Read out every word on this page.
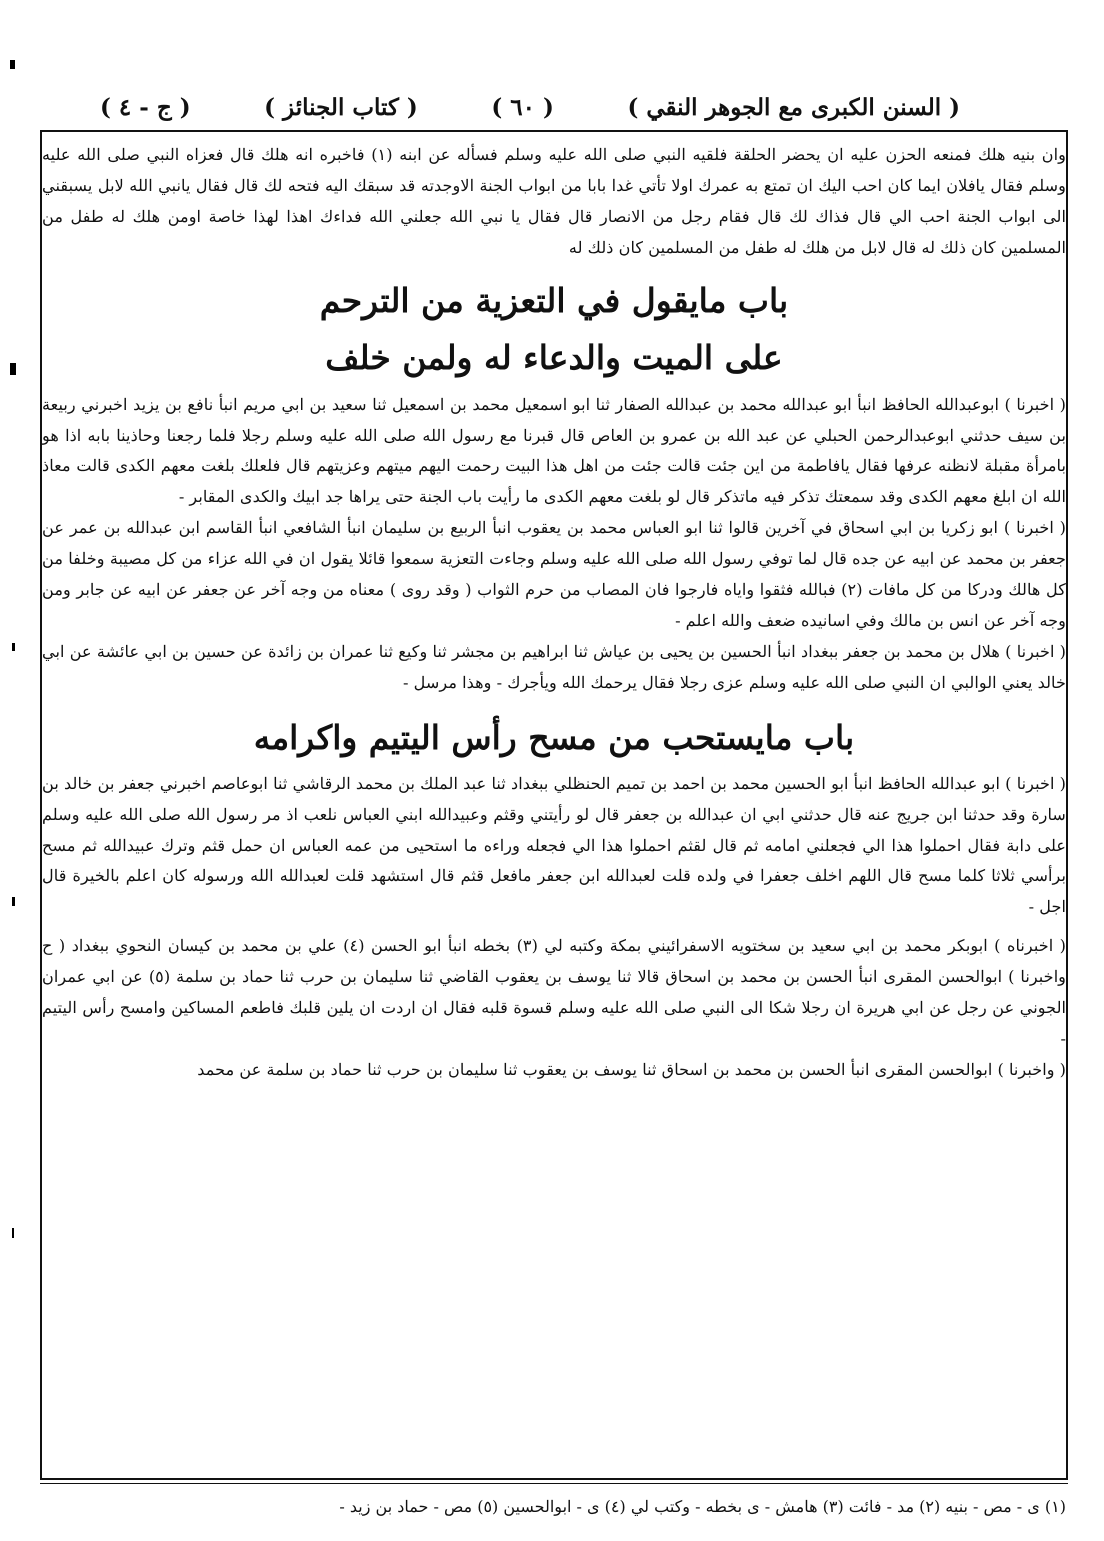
( السنن الكبرى مع الجوهر النقي )
( ٦٠ )
( كتاب الجنائز )
( ج - ٤ )

وان بنيه هلك فمنعه الحزن عليه ان يحضر الحلقة فلقيه النبي صلى الله عليه وسلم فسأله عن ابنه (١) فاخبره انه هلك قال فعزاه النبي صلى الله عليه وسلم فقال يافلان ايما كان احب اليك ان تمتع به عمرك اولا تأتي غدا بابا من ابواب الجنة الاوجدته قد سبقك اليه فتحه لك قال فقال يانبي الله لابل يسبقني الى ابواب الجنة احب الي قال فذاك لك قال فقام رجل من الانصار قال فقال يا نبي الله جعلني الله فداءك اهذا لهذا خاصة اومن هلك له طفل من المسلمين كان ذلك له قال لابل من هلك له طفل من المسلمين كان ذلك له

باب مايقول في التعزية من الترحم
على الميت والدعاء له ولمن خلف

( اخبرنا ) ابوعبدالله الحافظ انبأ ابو عبدالله محمد بن عبدالله الصفار ثنا ابو اسمعيل محمد بن اسمعيل ثنا سعيد بن ابي مريم انبأ نافع بن يزيد اخبرني ربيعة بن سيف حدثني ابوعبدالرحمن الحبلي عن عبد الله بن عمرو بن العاص قال قبرنا مع رسول الله صلى الله عليه وسلم رجلا فلما رجعنا وحاذينا بابه اذا هو بامرأة مقبلة لانظنه عرفها فقال يافاطمة من اين جئت قالت جئت من اهل هذا البيت رحمت اليهم ميتهم وعزيتهم قال فلعلك بلغت معهم الكدى قالت معاذ الله ان ابلغ معهم الكدى وقد سمعتك تذكر فيه ماتذكر قال لو بلغت معهم الكدى ما رأيت باب الجنة حتى يراها جد ابيك والكدى المقابر -

( اخبرنا ) ابو زكريا بن ابي اسحاق في آخرين قالوا ثنا ابو العباس محمد بن يعقوب انبأ الربيع بن سليمان انبأ الشافعي انبأ القاسم ابن عبدالله بن عمر عن جعفر بن محمد عن ابيه عن جده قال لما توفي رسول الله صلى الله عليه وسلم وجاءت التعزية سمعوا قائلا يقول ان في الله عزاء من كل مصيبة وخلفا من كل هالك ودركا من كل مافات (٢) فبالله فثقوا واياه فارجوا فان المصاب من حرم الثواب ( وقد روى ) معناه من وجه آخر عن جعفر عن ابيه عن جابر ومن وجه آخر عن انس بن مالك وفي اسانيده ضعف والله اعلم -

( اخبرنا ) هلال بن محمد بن جعفر ببغداد انبأ الحسين بن يحيى بن عياش ثنا ابراهيم بن مجشر ثنا وكيع ثنا عمران بن زائدة عن حسين بن ابي عائشة عن ابي خالد يعني الوالبي ان النبي صلى الله عليه وسلم عزى رجلا فقال يرحمك الله ويأجرك - وهذا مرسل -

باب مايستحب من مسح رأس اليتيم واكرامه

( اخبرنا ) ابو عبدالله الحافظ انبأ ابو الحسين محمد بن احمد بن تميم الحنظلي ببغداد ثنا عبد الملك بن محمد الرقاشي ثنا ابوعاصم اخبرني جعفر بن خالد بن سارة وقد حدثنا ابن جريج عنه قال حدثني ابي ان عبدالله بن جعفر قال لو رأيتني وقثم وعبيدالله ابني العباس نلعب اذ مر رسول الله صلى الله عليه وسلم على دابة فقال احملوا هذا الي فجعلني امامه ثم قال لقثم احملوا هذا الي فجعله وراءه ما استحيى من عمه العباس ان حمل قثم وترك عبيدالله ثم مسح برأسي ثلاثا كلما مسح قال اللهم اخلف جعفرا في ولده قلت لعبدالله ابن جعفر مافعل قثم قال استشهد قلت لعبدالله الله ورسوله كان اعلم بالخيرة قال اجل -

( اخبرناه ) ابوبكر محمد بن ابي سعيد بن سختويه الاسفرائيني بمكة وكتبه لي (٣) بخطه انبأ ابو الحسن (٤) علي بن محمد بن كيسان النحوي ببغداد ( ح واخبرنا ) ابوالحسن المقرى انبأ الحسن بن محمد بن اسحاق قالا ثنا يوسف بن يعقوب القاضي ثنا سليمان بن حرب ثنا حماد بن سلمة (٥) عن ابي عمران الجوني عن رجل عن ابي هريرة ان رجلا شكا الى النبي صلى الله عليه وسلم قسوة قلبه فقال ان اردت ان يلين قلبك فاطعم المساكين وامسح رأس اليتيم -

( واخبرنا ) ابوالحسن المقرى انبأ الحسن بن محمد بن اسحاق ثنا يوسف بن يعقوب ثنا سليمان بن حرب ثنا حماد بن سلمة عن محمد

(١) ى - مص - بنيه (٢) مد - فائت (٣) هامش - ى بخطه - وكتب لي (٤) ى - ابوالحسين (٥) مص - حماد بن زيد -
